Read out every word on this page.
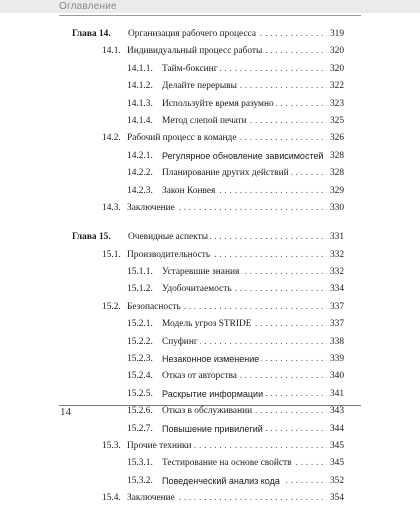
Оглавление
. . .
Глава 14.	Организация рабочего процесса	319
. . .
14.1. Индивидуальный процесс работы	320
. . .
14.1.1. Тайм-боксинг	320
. . .
14.1.2. Делайте перерывы	322
. . .
14.1.3. Используйте время разумно	323
. . .
14.1.4. Метод слепой печати	325
. . .
14.2. Рабочий процесс в команде	326
. . .
14.2.1.	Регулярное обновление зависимостей 328
. . .
14.2.2. Планирование других действий	328
. . .
14.2.3. Закон Конвея	329
. . .
14.3. Заключение	330
. . .
Глава 15.	Очевидные аспекты	331
. . .
15.1. Производительность	332
. . .
15.1.1. Устаревшие знания	332
. . .
15.1.2. Удобочитаемость	334
. . .
15.2. Безопасность	337
. . .
15.2.1. Модель угроз STRIDE	337
. . .
15.2.2. Спуфинг	338
. . .
15.2.3.	Незаконное изменение	339
. . .
15.2.4. Отказ от авторства	340
. . .
15.2.5.	Раскрытие информации	341
. . .
15.2.6. Отказ в обслуживании	343
. . .
15.2.7.	Повышение привилегий	344
. . .
15.3. Прочие техники	345
. . .
15.3.1. Тестирование на основе свойств	345
. . .
15.3.2.	Поведенческий анализ кода	352
. . .
15.4. Заключение	354
14
